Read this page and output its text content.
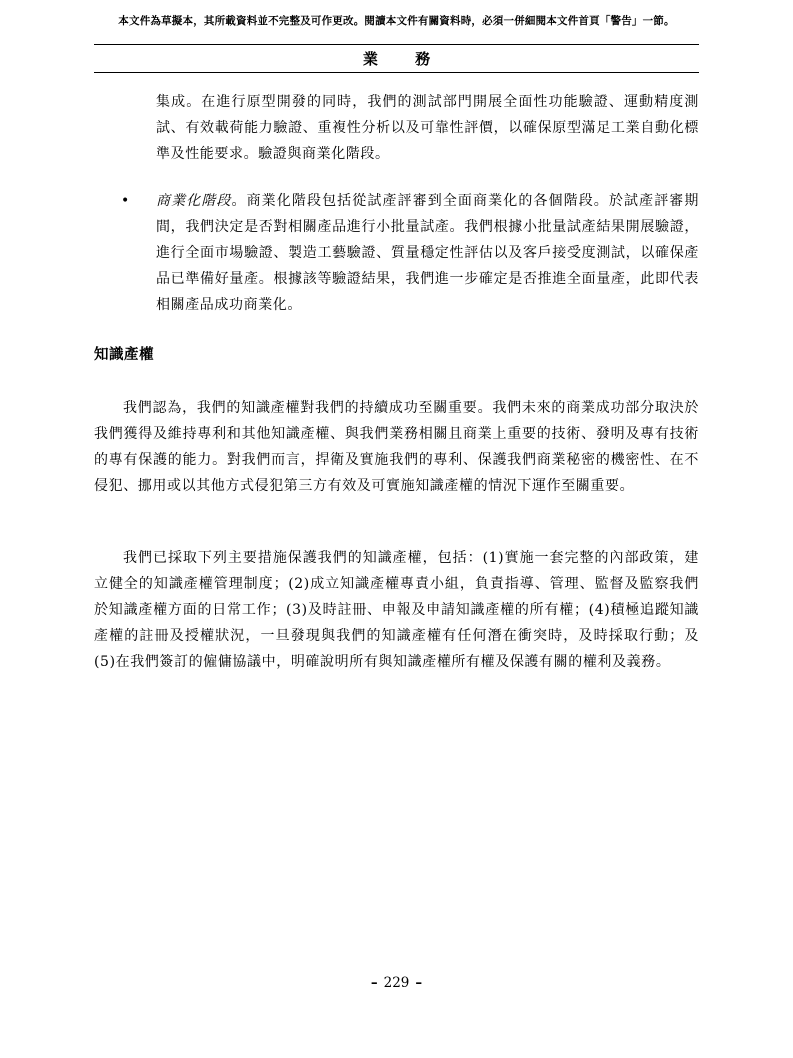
本文件為草擬本，其所載資料並不完整及可作更改。閱讀本文件有關資料時，必須一併細閱本文件首頁「警告」一節。
業 務
集成。在進行原型開發的同時，我們的測試部門開展全面性功能驗證、運動精度測試、有效載荷能力驗證、重複性分析以及可靠性評價，以確保原型滿足工業自動化標準及性能要求。驗證與商業化階段。
• 商業化階段。商業化階段包括從試產評審到全面商業化的各個階段。於試產評審期間，我們決定是否對相關產品進行小批量試產。我們根據小批量試產結果開展驗證，進行全面市場驗證、製造工藝驗證、質量穩定性評估以及客戶接受度測試，以確保產品已準備好量產。根據該等驗證結果，我們進一步確定是否推進全面量產，此即代表相關產品成功商業化。
知識產權
我們認為，我們的知識產權對我們的持續成功至關重要。我們未來的商業成功部分取決於我們獲得及維持專利和其他知識產權、與我們業務相關且商業上重要的技術、發明及專有技術的專有保護的能力。對我們而言，捍衛及實施我們的專利、保護我們商業秘密的機密性、在不侵犯、挪用或以其他方式侵犯第三方有效及可實施知識產權的情況下運作至關重要。
我們已採取下列主要措施保護我們的知識產權，包括：(1)實施一套完整的內部政策，建立健全的知識產權管理制度；(2)成立知識產權專責小組，負責指導、管理、監督及監察我們於知識產權方面的日常工作；(3)及時註冊、申報及申請知識產權的所有權；(4)積極追蹤知識產權的註冊及授權狀況，一旦發現與我們的知識產權有任何潛在衝突時，及時採取行動；及(5)在我們簽訂的僱傭協議中，明確說明所有與知識產權所有權及保護有關的權利及義務。
– 229 –
